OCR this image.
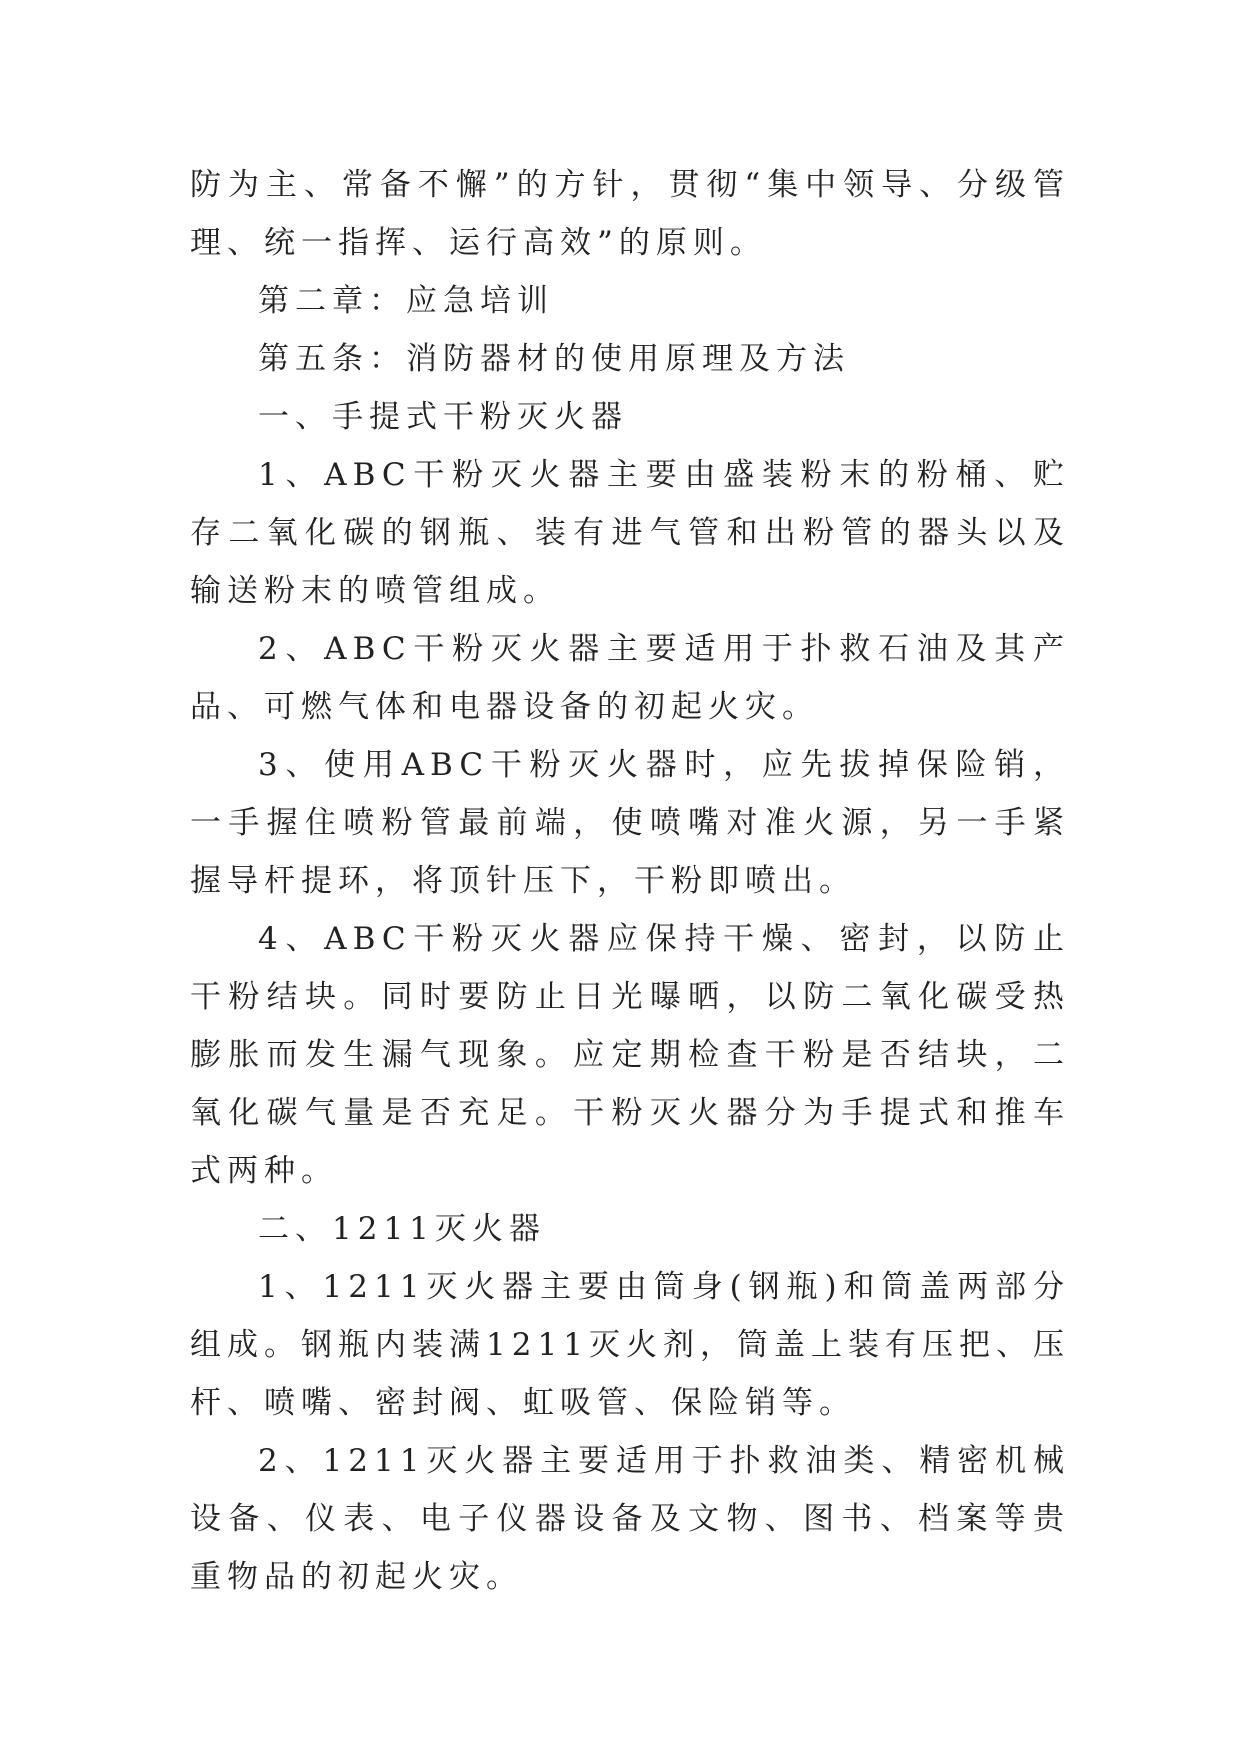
防为主、常备不懈”的方针，贯彻“集中领导、分级管理、统一指挥、运行高效”的原则。

第二章：应急培训

第五条：消防器材的使用原理及方法

一、手提式干粉灭火器

1、ABC干粉灭火器主要由盛装粉末的粉桶、贮存二氧化碳的钢瓶、装有进气管和出粉管的器头以及输送粉末的喷管组成。

2、ABC干粉灭火器主要适用于扑救石油及其产品、可燃气体和电器设备的初起火灾。

3、使用ABC干粉灭火器时，应先拔掉保险销，一手握住喷粉管最前端，使喷嘴对准火源，另一手紧握导杆提环，将顶针压下，干粉即喷出。

4、ABC干粉灭火器应保持干燥、密封，以防止干粉结块。同时要防止日光曝晒，以防二氧化碳受热膨胀而发生漏气现象。应定期检查干粉是否结块，二氧化碳气量是否充足。干粉灭火器分为手提式和推车式两种。

二、1211灭火器

1、1211灭火器主要由筒身(钢瓶)和筒盖两部分组成。钢瓶内装满1211灭火剂，筒盖上装有压把、压杆、喷嘴、密封阀、虹吸管、保险销等。

2、1211灭火器主要适用于扑救油类、精密机械设备、仪表、电子仪器设备及文物、图书、档案等贵重物品的初起火灾。
